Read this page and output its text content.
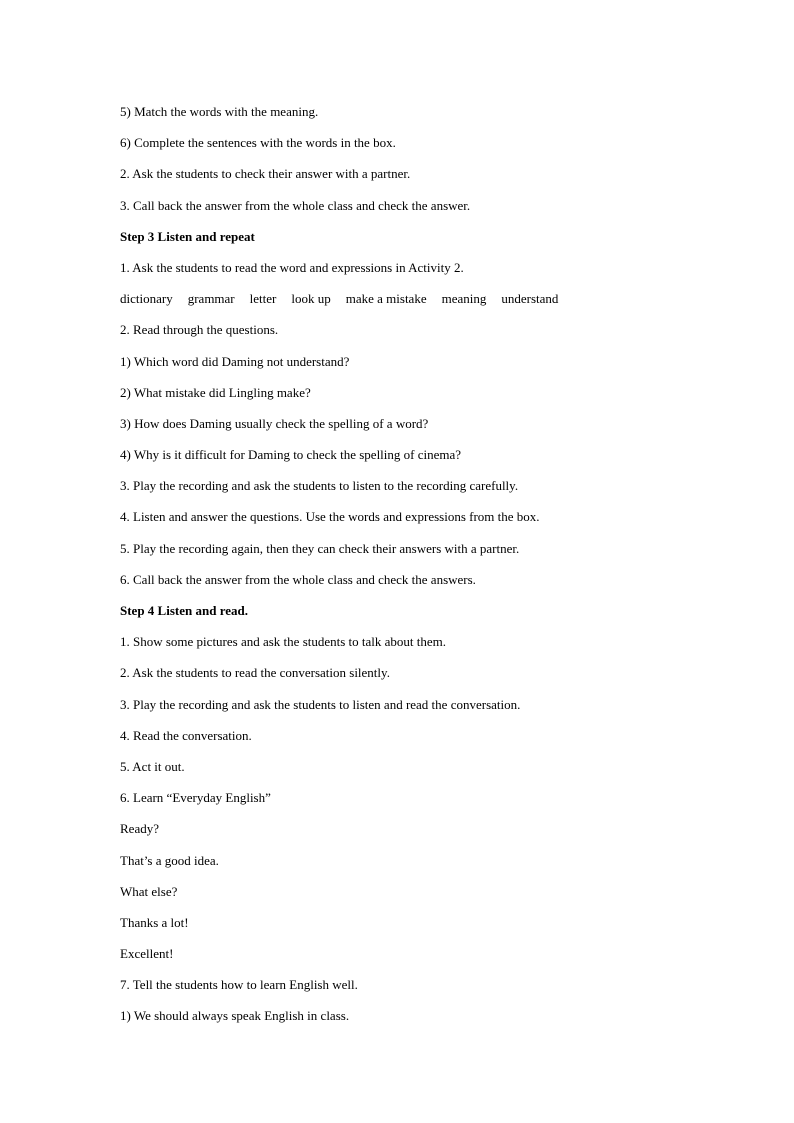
5) Match the words with the meaning.
6) Complete the sentences with the words in the box.
2. Ask the students to check their answer with a partner.
3. Call back the answer from the whole class and check the answer.
Step 3 Listen and repeat
1. Ask the students to read the word and expressions in Activity 2.
dictionary grammar letter look up make a mistake meaning understand
2. Read through the questions.
1) Which word did Daming not understand?
2) What mistake did Lingling make?
3) How does Daming usually check the spelling of a word?
4) Why is it difficult for Daming to check the spelling of cinema?
3. Play the recording and ask the students to listen to the recording carefully.
4. Listen and answer the questions. Use the words and expressions from the box.
5. Play the recording again, then they can check their answers with a partner.
6. Call back the answer from the whole class and check the answers.
Step 4 Listen and read.
1. Show some pictures and ask the students to talk about them.
2. Ask the students to read the conversation silently.
3. Play the recording and ask the students to listen and read the conversation.
4. Read the conversation.
5. Act it out.
6. Learn “Everyday English”
Ready?
That’s a good idea.
What else?
Thanks a lot!
Excellent!
7. Tell the students how to learn English well.
1) We should always speak English in class.
